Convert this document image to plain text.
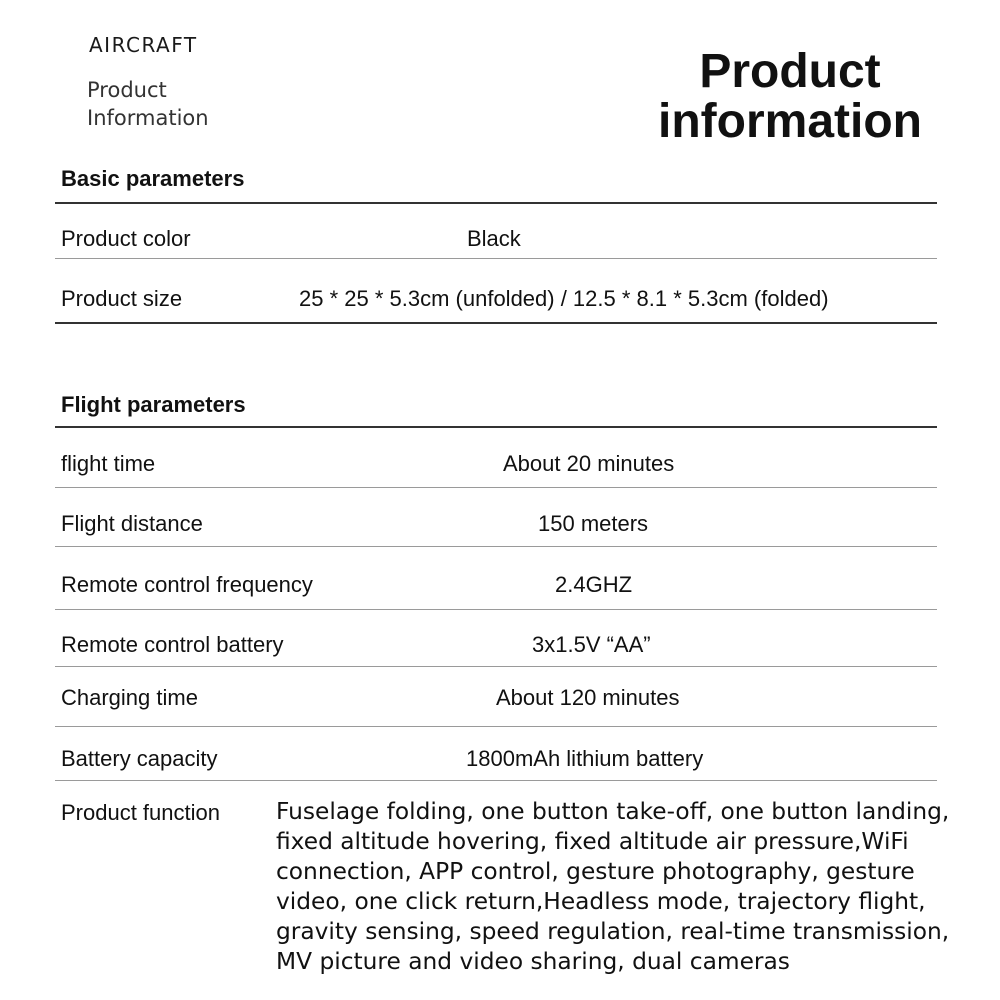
AIRCRAFT
Product
Information
Product
information
Basic parameters
Product color	Black
Product size	25 * 25 * 5.3cm (unfolded) / 12.5 * 8.1 * 5.3cm (folded)
Flight parameters
flight time	About 20 minutes
Flight distance	150 meters
Remote control frequency	2.4GHZ
Remote control battery	3x1.5V “AA”
Charging time	About 120 minutes
Battery capacity	1800mAh lithium battery
Product function Fuselage folding, one button take-off, one button landing,
fixed altitude hovering, fixed altitude air pressure,WiFi
connection, APP control, gesture photography, gesture
video, one click return,Headless mode, trajectory flight,
gravity sensing, speed regulation, real-time transmission,
MV picture and video sharing, dual cameras
